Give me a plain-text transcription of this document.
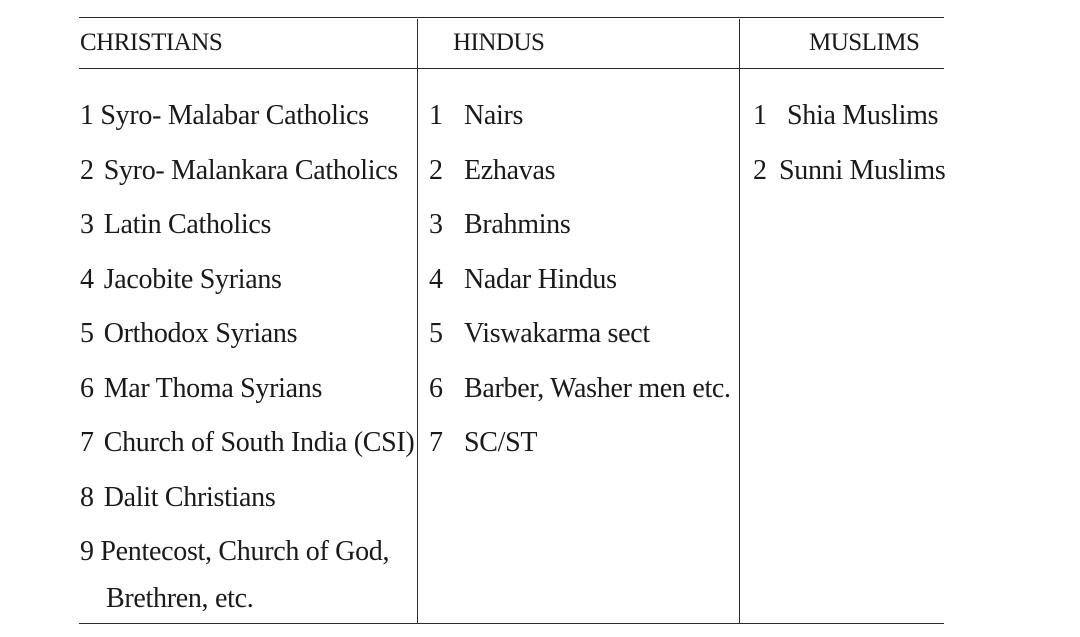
CHRISTIANS	HINDUS	MUSLIMS
1 Syro- Malabar Catholics
2 Syro- Malankara Catholics
3 Latin Catholics
4 Jacobite Syrians
5 Orthodox Syrians
6 Mar Thoma Syrians
7 Church of South India (CSI)
8 Dalit Christians
9 Pentecost, Church of God,
Brethren, etc.
1 Nairs
2 Ezhavas
3 Brahmins
4 Nadar Hindus
5 Viswakarma sect
6 Barber, Washer men etc.
7 SC/ST
1 Shia Muslims
2 Sunni Muslims
